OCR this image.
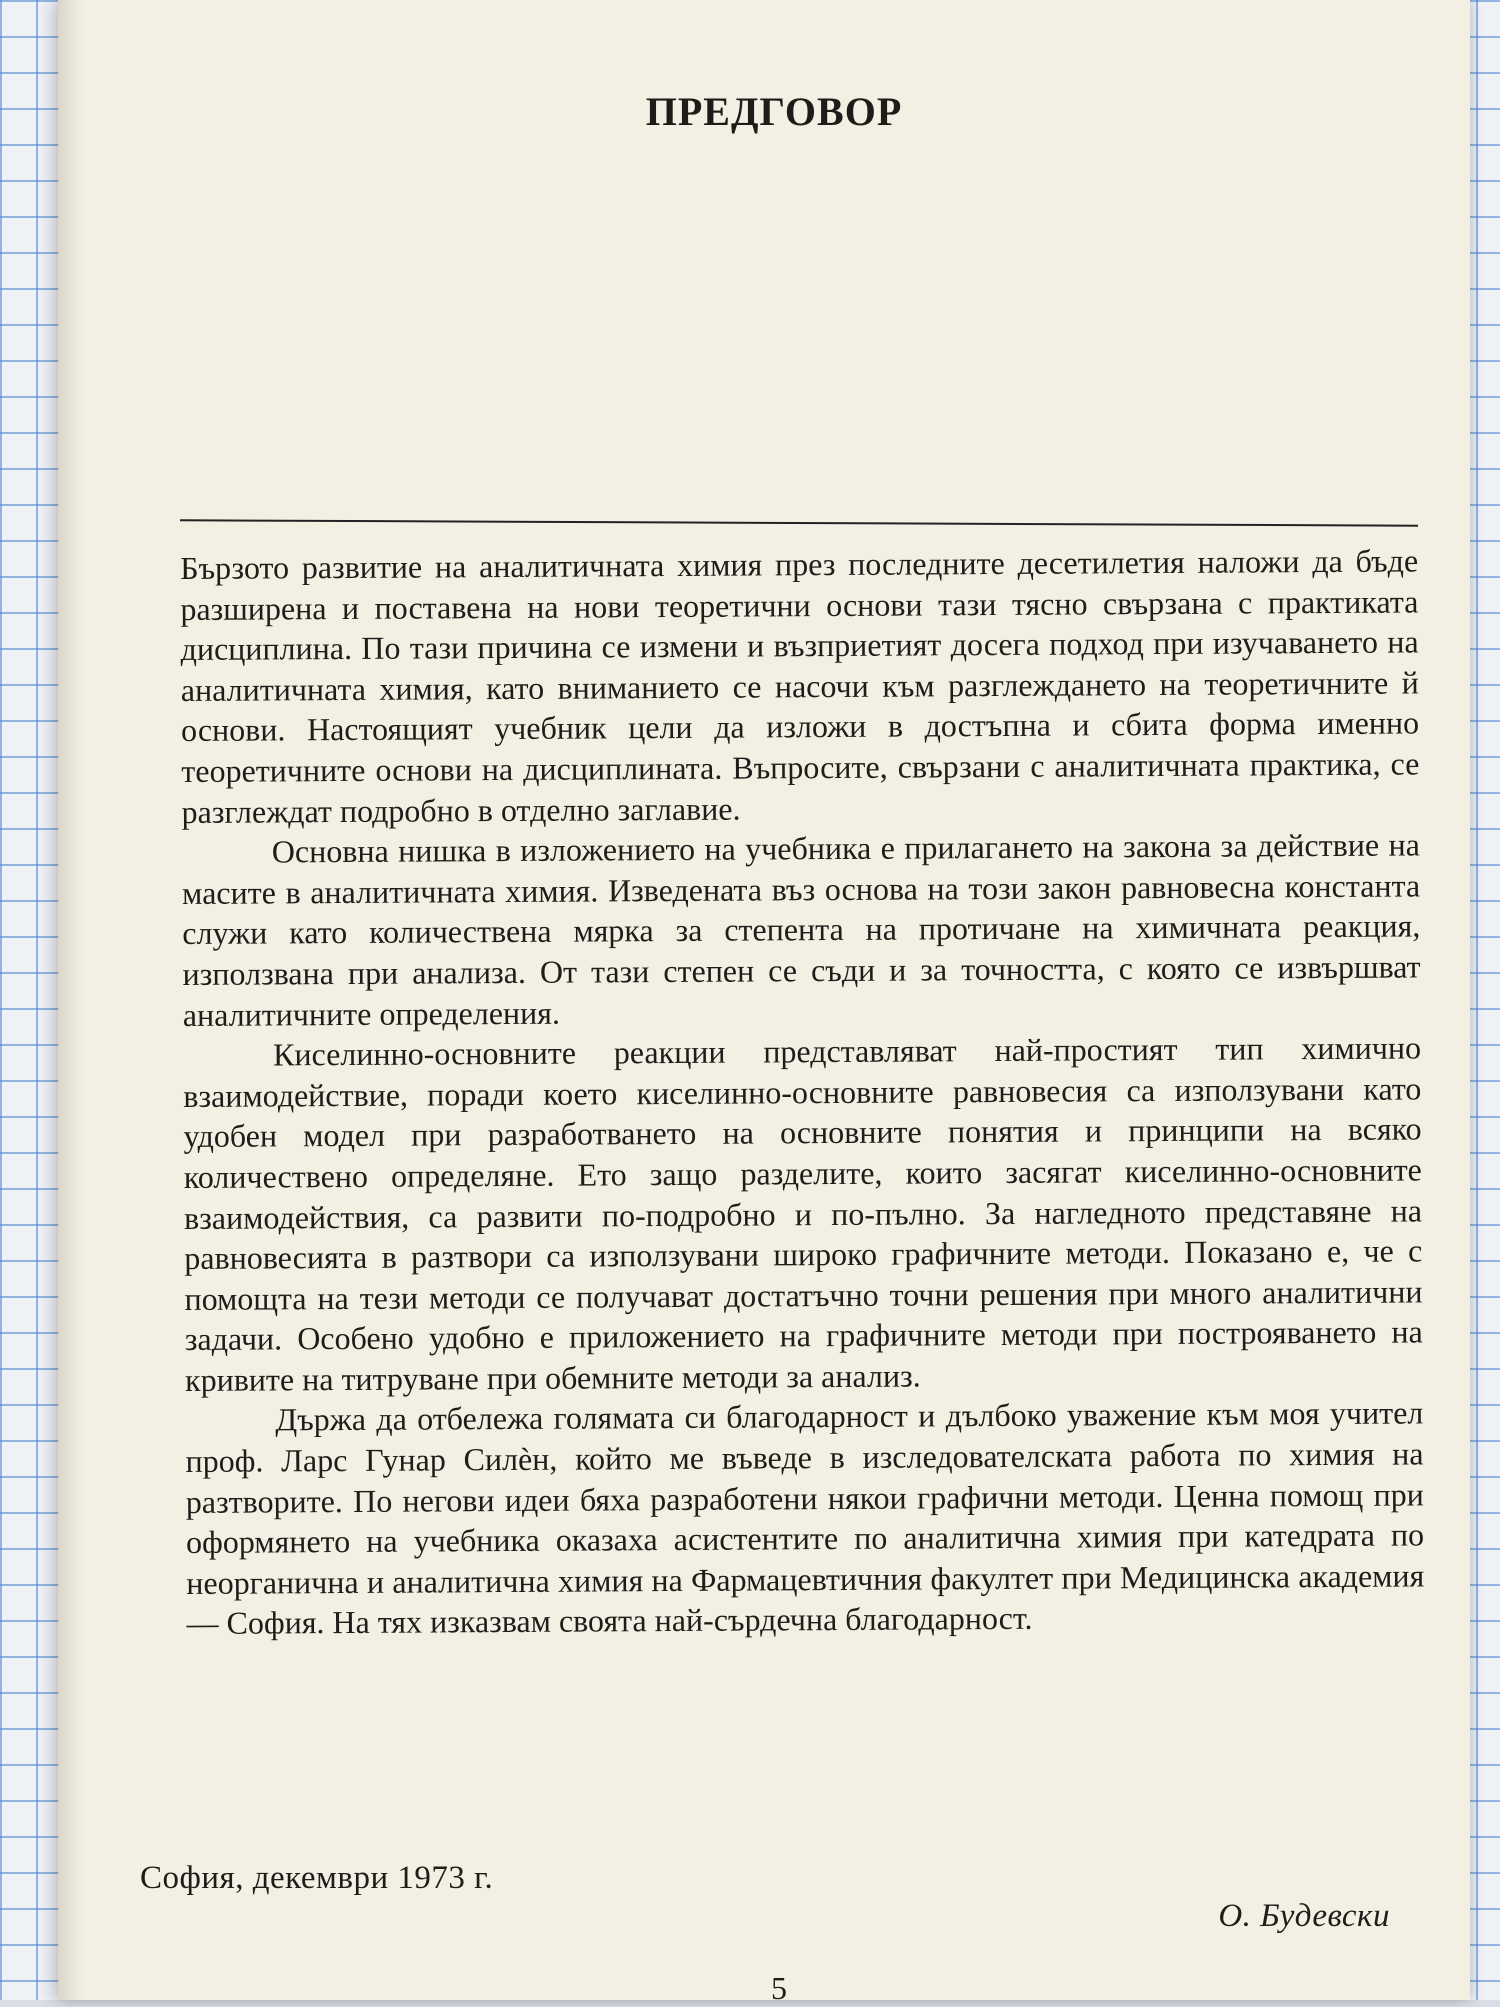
ПРЕДГОВОР

Бързото развитие на аналитичната химия през последните десетилетия наложи да бъде разширена и поставена на нови теоретични основи тази тясно свързана с практиката дисциплина. По тази причина се измени и възприетият досега подход при изучаването на аналитичната химия, като вниманието се насочи към разглеждането на теоретичните й основи. Настоящият учебник цели да изложи в достъпна и сбита форма именно теоретичните основи на дисциплината. Въпросите, свързани с аналитичната практика, се разглеждат подробно в отделно заглавие.

Основна нишка в изложението на учебника е прилагането на закона за действие на масите в аналитичната химия. Изведената въз основа на този закон равновесна константа служи като количествена мярка за степента на протичане на химичната реакция, използвана при анализа. От тази степен се съди и за точността, с която се извършват аналитичните определения.

Киселинно-основните реакции представляват най-простият тип химично взаимодействие, поради което киселинно-основните равновесия са използувани като удобен модел при разработването на основните понятия и принципи на всяко количествено определяне. Ето защо разделите, които засягат киселинно-основните взаимодействия, са развити по-подробно и по-пълно. За нагледното представяне на равновесията в разтвори са използувани широко графичните методи. Показано е, че с помощта на тези методи се получават достатъчно точни решения при много аналитични задачи. Особено удобно е приложението на графичните методи при построяването на кривите на титруване при обемните методи за анализ.

Държа да отбележа голямата си благодарност и дълбоко уважение към моя учител проф. Ларс Гунар Силѐн, който ме въведе в изследователската работа по химия на разтворите. По негови идеи бяха разработени някои графични методи. Ценна помощ при оформянето на учебника оказаха асистентите по аналитична химия при катедрата по неорганична и аналитична химия на Фармацевтичния факултет при Медицинска академия — София. На тях изказвам своята най-сърдечна благодарност.

София, декември 1973 г.
О. Будевски
5
